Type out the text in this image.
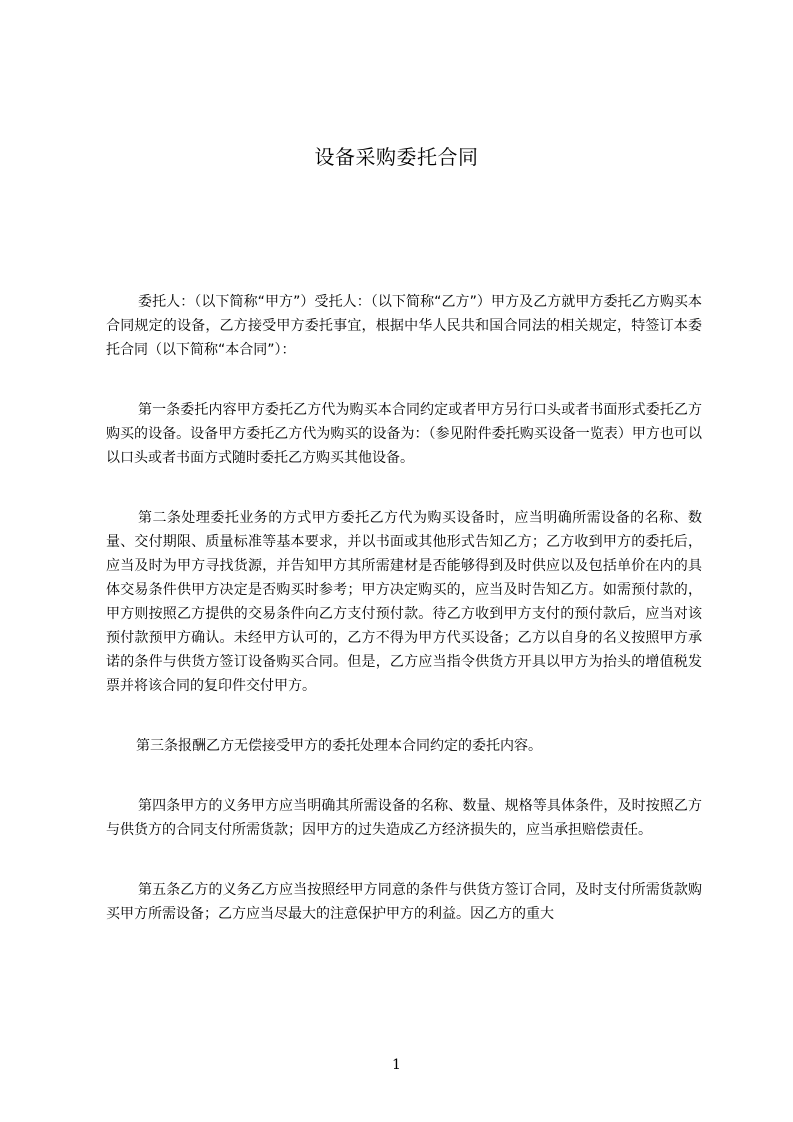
设备采购委托合同

委托人：（以下简称“甲方”）受托人：（以下简称“乙方”）甲方及乙方就甲方委托乙方购买本合同规定的设备，乙方接受甲方委托事宜，根据中华人民共和国合同法的相关规定，特签订本委托合同（以下简称“本合同”）：

第一条委托内容甲方委托乙方代为购买本合同约定或者甲方另行口头或者书面形式委托乙方购买的设备。设备甲方委托乙方代为购买的设备为：（参见附件委托购买设备一览表）甲方也可以以口头或者书面方式随时委托乙方购买其他设备。

第二条处理委托业务的方式甲方委托乙方代为购买设备时，应当明确所需设备的名称、数量、交付期限、质量标准等基本要求，并以书面或其他形式告知乙方；乙方收到甲方的委托后，应当及时为甲方寻找货源，并告知甲方其所需建材是否能够得到及时供应以及包括单价在内的具体交易条件供甲方决定是否购买时参考；甲方决定购买的，应当及时告知乙方。如需预付款的，甲方则按照乙方提供的交易条件向乙方支付预付款。待乙方收到甲方支付的预付款后，应当对该预付款预甲方确认。未经甲方认可的，乙方不得为甲方代买设备；乙方以自身的名义按照甲方承诺的条件与供货方签订设备购买合同。但是，乙方应当指令供货方开具以甲方为抬头的增值税发票并将该合同的复印件交付甲方。

第三条报酬乙方无偿接受甲方的委托处理本合同约定的委托内容。

第四条甲方的义务甲方应当明确其所需设备的名称、数量、规格等具体条件，及时按照乙方与供货方的合同支付所需货款；因甲方的过失造成乙方经济损失的，应当承担赔偿责任。

第五条乙方的义务乙方应当按照经甲方同意的条件与供货方签订合同，及时支付所需货款购买甲方所需设备；乙方应当尽最大的注意保护甲方的利益。因乙方的重大

1
